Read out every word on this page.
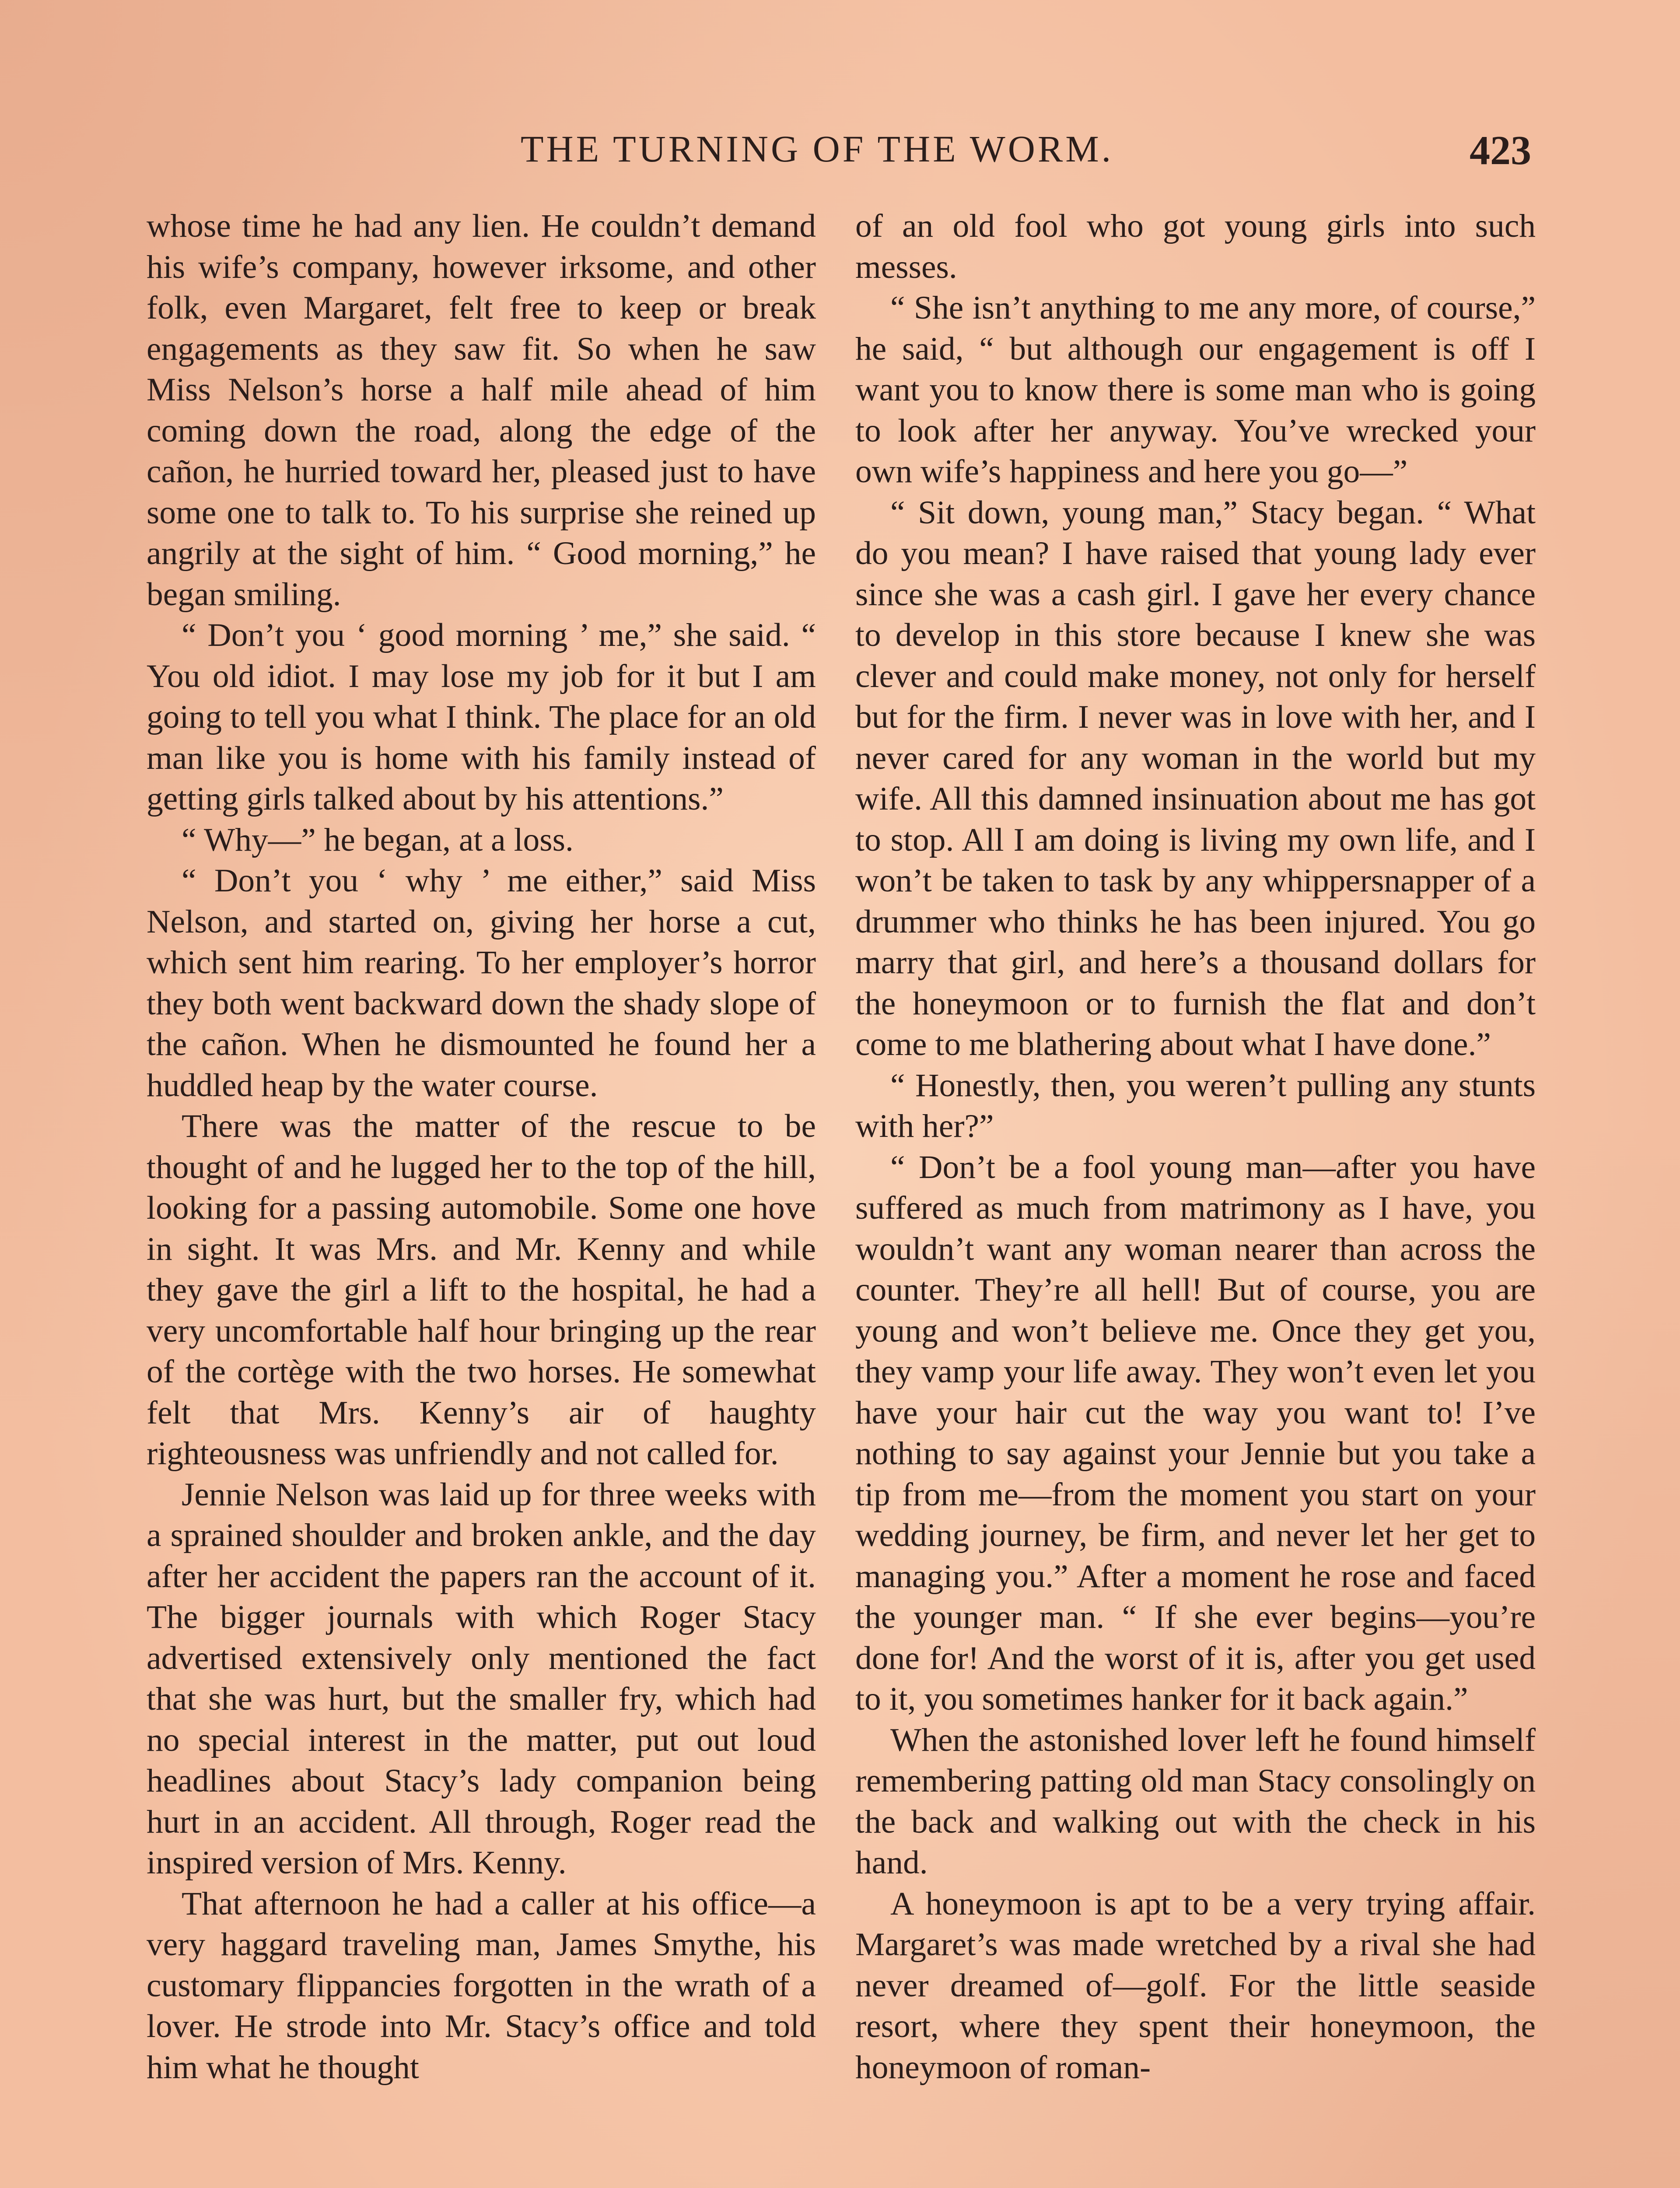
THE TURNING OF THE WORM.	423

whose time he had any lien. He couldn’t demand his wife’s company, however irksome, and other folk, even Margaret, felt free to keep or break engagements as they saw fit. So when he saw Miss Nelson’s horse a half mile ahead of him coming down the road, along the edge of the cañon, he hurried toward her, pleased just to have some one to talk to. To his surprise she reined up angrily at the sight of him. “ Good morning,” he began smiling.

“ Don’t you ‘ good morning ’ me,” she said. “ You old idiot. I may lose my job for it but I am going to tell you what I think. The place for an old man like you is home with his family instead of getting girls talked about by his attentions.”

“ Why—” he began, at a loss.

“ Don’t you ‘ why ’ me either,” said Miss Nelson, and started on, giving her horse a cut, which sent him rearing. To her employer’s horror they both went backward down the shady slope of the cañon. When he dismounted he found her a huddled heap by the water course.

There was the matter of the rescue to be thought of and he lugged her to the top of the hill, looking for a passing automobile. Some one hove in sight. It was Mrs. and Mr. Kenny and while they gave the girl a lift to the hospital, he had a very uncomfortable half hour bringing up the rear of the cortège with the two horses. He somewhat felt that Mrs. Kenny’s air of haughty righteousness was unfriendly and not called for.

Jennie Nelson was laid up for three weeks with a sprained shoulder and broken ankle, and the day after her accident the papers ran the account of it. The bigger journals with which Roger Stacy advertised extensively only mentioned the fact that she was hurt, but the smaller fry, which had no special interest in the matter, put out loud headlines about Stacy’s lady companion being hurt in an accident. All through, Roger read the inspired version of Mrs. Kenny.

That afternoon he had a caller at his office—a very haggard traveling man, James Smythe, his customary flippancies forgotten in the wrath of a lover. He strode into Mr. Stacy’s office and told him what he thought

of an old fool who got young girls into such messes.

“ She isn’t anything to me any more, of course,” he said, “ but although our engagement is off I want you to know there is some man who is going to look after her anyway. You’ve wrecked your own wife’s happiness and here you go—”

“ Sit down, young man,” Stacy began. “ What do you mean? I have raised that young lady ever since she was a cash girl. I gave her every chance to develop in this store because I knew she was clever and could make money, not only for herself but for the firm. I never was in love with her, and I never cared for any woman in the world but my wife. All this damned insinuation about me has got to stop. All I am doing is living my own life, and I won’t be taken to task by any whippersnapper of a drummer who thinks he has been injured. You go marry that girl, and here’s a thousand dollars for the honeymoon or to furnish the flat and don’t come to me blathering about what I have done.”

“ Honestly, then, you weren’t pulling any stunts with her?”

“ Don’t be a fool young man—after you have suffered as much from matrimony as I have, you wouldn’t want any woman nearer than across the counter. They’re all hell! But of course, you are young and won’t believe me. Once they get you, they vamp your life away. They won’t even let you have your hair cut the way you want to! I’ve nothing to say against your Jennie but you take a tip from me—from the moment you start on your wedding journey, be firm, and never let her get to managing you.” After a moment he rose and faced the younger man. “ If she ever begins—you’re done for! And the worst of it is, after you get used to it, you sometimes hanker for it back again.”

When the astonished lover left he found himself remembering patting old man Stacy consolingly on the back and walking out with the check in his hand.

A honeymoon is apt to be a very trying affair. Margaret’s was made wretched by a rival she had never dreamed of—golf. For the little seaside resort, where they spent their honeymoon, the honeymoon of roman-
